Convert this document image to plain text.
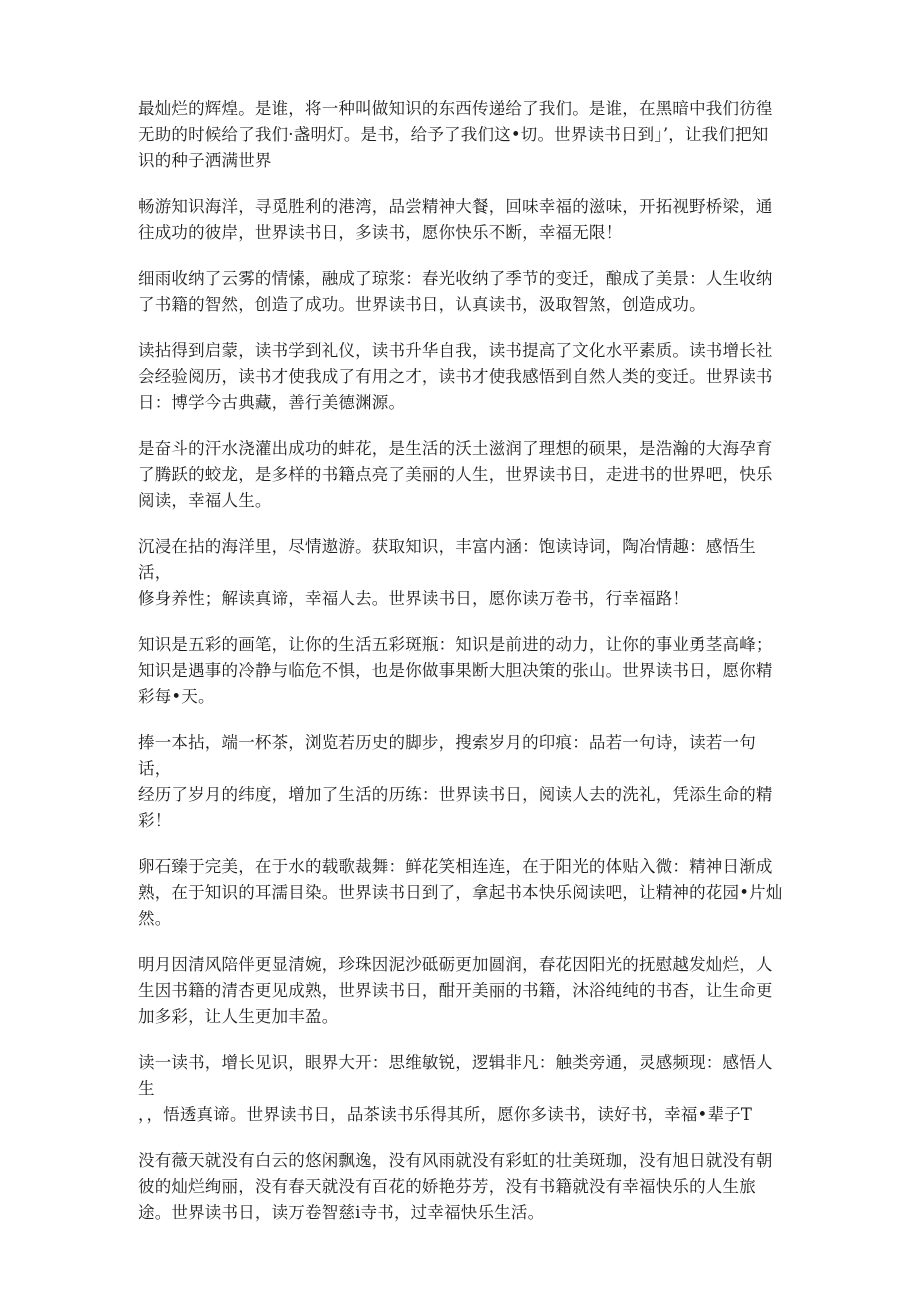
最灿烂的辉煌。是谁，将一种叫做知识的东西传递给了我们。是谁，在黑暗中我们彷徨
无助的时候给了我们·盏明灯。是书，给予了我们这•切。世界读书日到」’，让我们把知
识的种子洒满世界

畅游知识海洋，寻觅胜利的港湾，品尝精神大餐，回味幸福的滋味，开拓视野桥梁，通
往成功的彼岸，世界读书日，多读书，愿你快乐不断，幸福无限！

细雨收纳了云雾的情愫，融成了琼浆：春光收纳了季节的变迁，酿成了美景：人生收纳
了书籍的智然，创造了成功。世界读书日，认真读书，汲取智煞，创造成功。

读拈得到启蒙，读书学到礼仪，读书升华自我，读书提高了文化水平素质。读书增长社
会经验阅历，读书才使我成了有用之才，读书才使我感悟到自然人类的变迁。世界读书
日：博学今古典藏，善行美德渊源。

是奋斗的汗水浇灌出成功的蚌花，是生活的沃土滋润了理想的硕果，是浩瀚的大海孕育
了腾跃的蛟龙，是多样的书籍点亮了美丽的人生，世界读书日，走进书的世界吧，快乐
阅读，幸福人生。

沉浸在拈的海洋里，尽情遨游。获取知识，丰富内涵：饱读诗词，陶冶情趣：感悟生活，
修身养性；解读真谛，幸福人去。世界读书日，愿你读万卷书，行幸福路！

知识是五彩的画笔，让你的生活五彩斑瓶：知识是前进的动力，让你的事业勇茎高峰；
知识是遇事的冷静与临危不惧，也是你做事果断大胆决策的张山。世界读书日，愿你精
彩每•天。

捧一本拈，端一杯茶，浏览若历史的脚步，搜索岁月的印痕：品若一句诗，读若一句话，
经历了岁月的纬度，增加了生活的历练：世界读书日，阅读人去的洗礼，凭添生命的精
彩！

卵石臻于完美，在于水的载歌裁舞：鲜花笑相连连，在于阳光的体贴入微：精神日渐成
熟，在于知识的耳濡目染。世界读书日到了，拿起书本快乐阅读吧，让精神的花园•片灿
然。

明月因清风陪伴更显清婉，珍珠因泥沙砥砺更加圆润，春花因阳光的抚慰越发灿烂，人
生因书籍的清杏更见成熟，世界读书日，酣开美丽的书籍，沐浴纯纯的书杳，让生命更
加多彩，让人生更加丰盈。

读一读书，增长见识，眼界大开：思维敏锐，逻辑非凡：触类旁通，灵感频现：感悟人生
，，悟透真谛。世界读书日，品茶读书乐得其所，愿你多读书，读好书，幸福•辈子T

没有薇天就没有白云的悠闲飘逸，没有风雨就没有彩虹的壮美斑珈，没有旭日就没有朝
彼的灿烂绚丽，没有春天就没有百花的娇艳芬芳，没有书籍就没有幸福快乐的人生旅
途。世界读书日，读万卷智慈i寺书，过幸福快乐生活。
